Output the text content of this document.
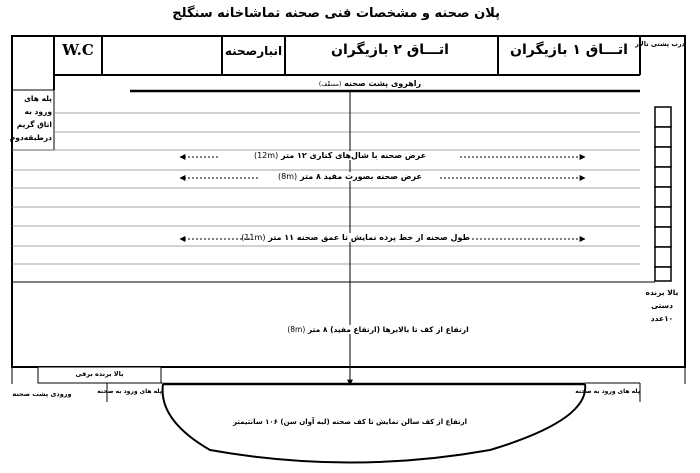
پلان صحنه و مشخصات فنی صحنه تماشاخانه سنگلج
W.C	انبارصحنه	اتـــاق ۲ بازیگران	اتـــاق ۱ بازیگران	درب پشتی تالار
راهروی پشت صحنه (مسقّف)
پله های
ورود به
اتاق گریم
درطبقه‌دوم
عرض صحنه با شال‌های کناری ۱۲ متر (12m)
عرض صحنه بصورت مفید ۸ متر (8m)
طول صحنه از خط پرده نمایش تا عمق صحنه ۱۱ متر (11m)
ارتفاع از کف تا بالابرها (ارتفاع مفید) ۸ متر (8m)
بالا برنده
دستی
۱۰عدد
بالا برنده برقی
ورودی پشت صحنه	پله های ورود به صحنه	پله های ورود به صحنه
ارتفاع از کف سالن نمایش تا کف صحنه (لبه آوان سن) ۱۰۶ سانتیمتر
